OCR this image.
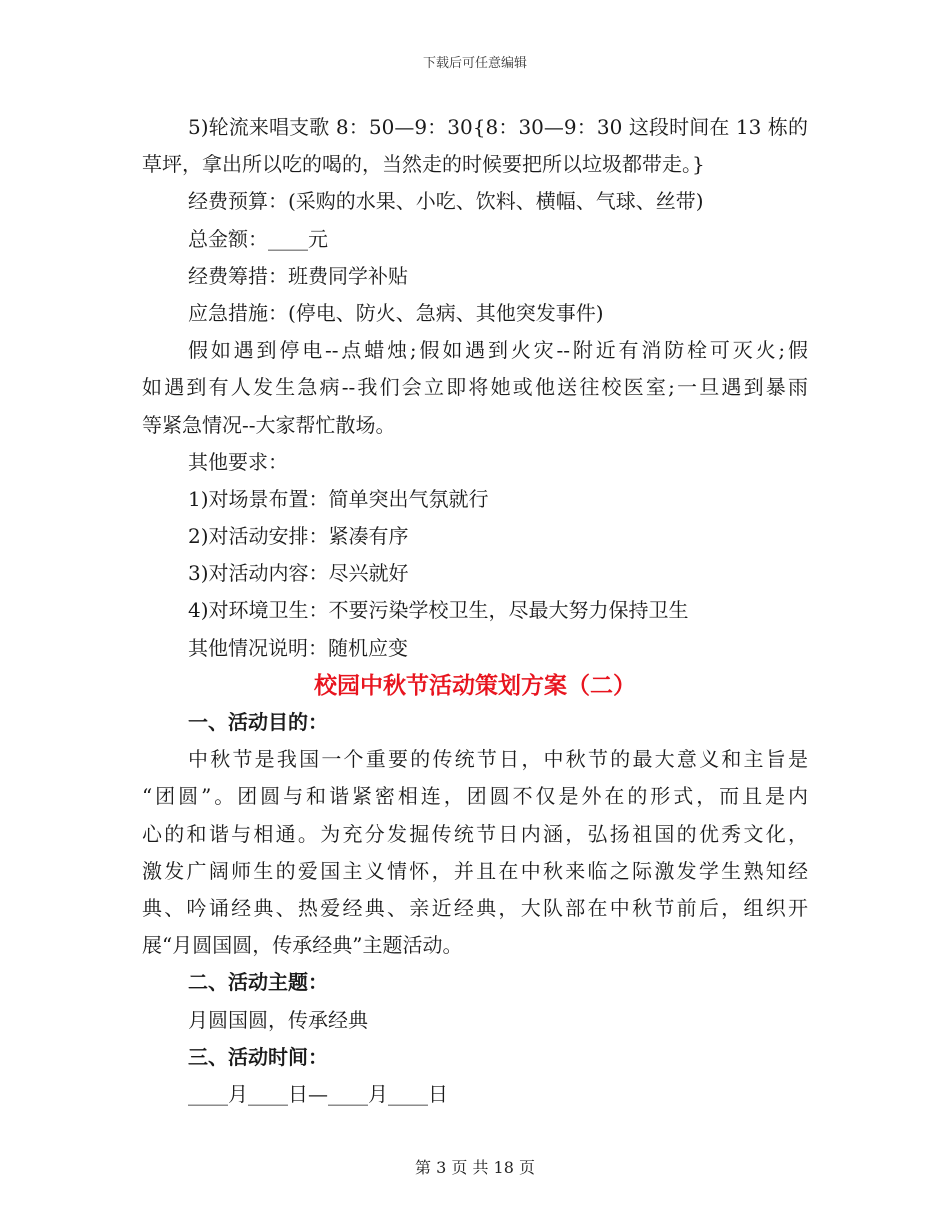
下载后可任意编辑
5)轮流来唱支歌 8：50—9：30{8：30—9：30 这段时间在 13 栋的
草坪，拿出所以吃的喝的，当然走的时候要把所以垃圾都带走。}
经费预算：(采购的水果、小吃、饮料、横幅、气球、丝带)
总金额：____元
经费筹措：班费同学补贴
应急措施：(停电、防火、急病、其他突发事件)
假如遇到停电--点蜡烛;假如遇到火灾--附近有消防栓可灭火;假
如遇到有人发生急病--我们会立即将她或他送往校医室;一旦遇到暴雨
等紧急情况--大家帮忙散场。
其他要求：
1)对场景布置：简单突出气氛就行
2)对活动安排：紧凑有序
3)对活动内容：尽兴就好
4)对环境卫生：不要污染学校卫生，尽最大努力保持卫生
其他情况说明：随机应变
校园中秋节活动策划方案（二）
一、活动目的：
中秋节是我国一个重要的传统节日，中秋节的最大意义和主旨是
“团圆”。团圆与和谐紧密相连，团圆不仅是外在的形式，而且是内
心的和谐与相通。为充分发掘传统节日内涵，弘扬祖国的优秀文化，
激发广阔师生的爱国主义情怀，并且在中秋来临之际激发学生熟知经
典、吟诵经典、热爱经典、亲近经典，大队部在中秋节前后，组织开
展“月圆国圆，传承经典”主题活动。
二、活动主题：
月圆国圆，传承经典
三、活动时间：
____月____日—____月____日
第 3 页 共 18 页
